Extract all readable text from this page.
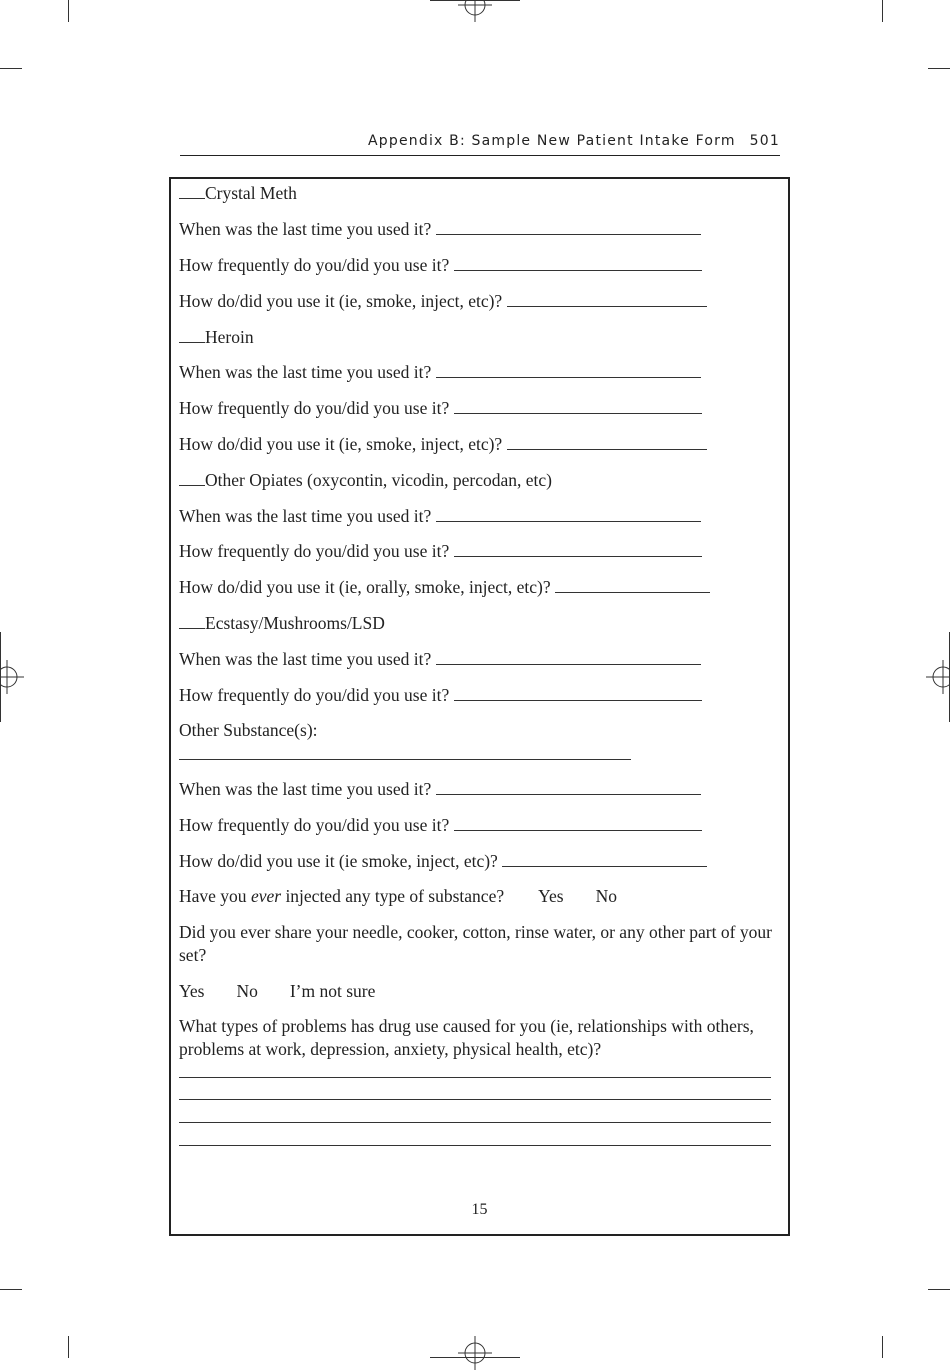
Appendix B: Sample New Patient Intake Form 501
Crystal Meth
When was the last time you used it?
How frequently do you/did you use it?
How do/did you use it (ie, smoke, inject, etc)?
Heroin
When was the last time you used it?
How frequently do you/did you use it?
How do/did you use it (ie, smoke, inject, etc)?
Other Opiates (oxycontin, vicodin, percodan, etc)
When was the last time you used it?
How frequently do you/did you use it?
How do/did you use it (ie, orally, smoke, inject, etc)?
Ecstasy/Mushrooms/LSD
When was the last time you used it?
How frequently do you/did you use it?
Other Substance(s):
When was the last time you used it?
How frequently do you/did you use it?
How do/did you use it (ie smoke, inject, etc)?
Have you ever injected any type of substance? Yes No
Did you ever share your needle, cooker, cotton, rinse water, or any other part of your set?
Yes No I’m not sure
What types of problems has drug use caused for you (ie, relationships with others, problems at work, depression, anxiety, physical health, etc)?
15
